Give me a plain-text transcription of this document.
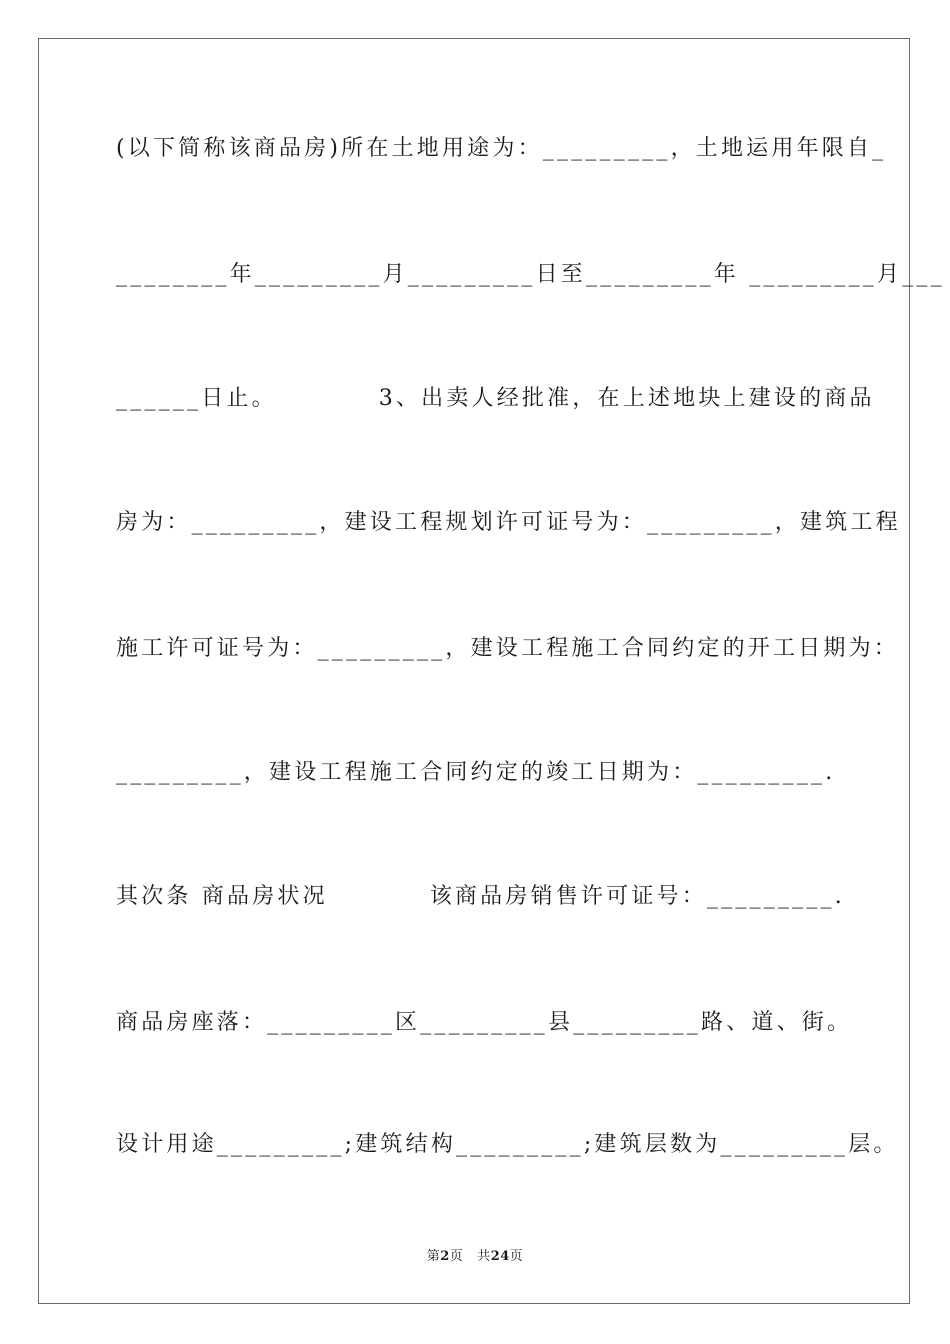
(以下简称该商品房)所在土地用途为：_________，土地运用年限自_
________年_________月_________日至_________年 _________月___
______日止。          3、出卖人经批准，在上述地块上建设的商品
房为：_________，建设工程规划许可证号为：_________，建筑工程
施工许可证号为：_________，建设工程施工合同约定的开工日期为：
_________，建设工程施工合同约定的竣工日期为：_________.
其次条 商品房状况          该商品房销售许可证号：_________.
商品房座落：_________区_________县_________路、道、街。
设计用途_________;建筑结构_________;建筑层数为_________层。
第2页 共24页
